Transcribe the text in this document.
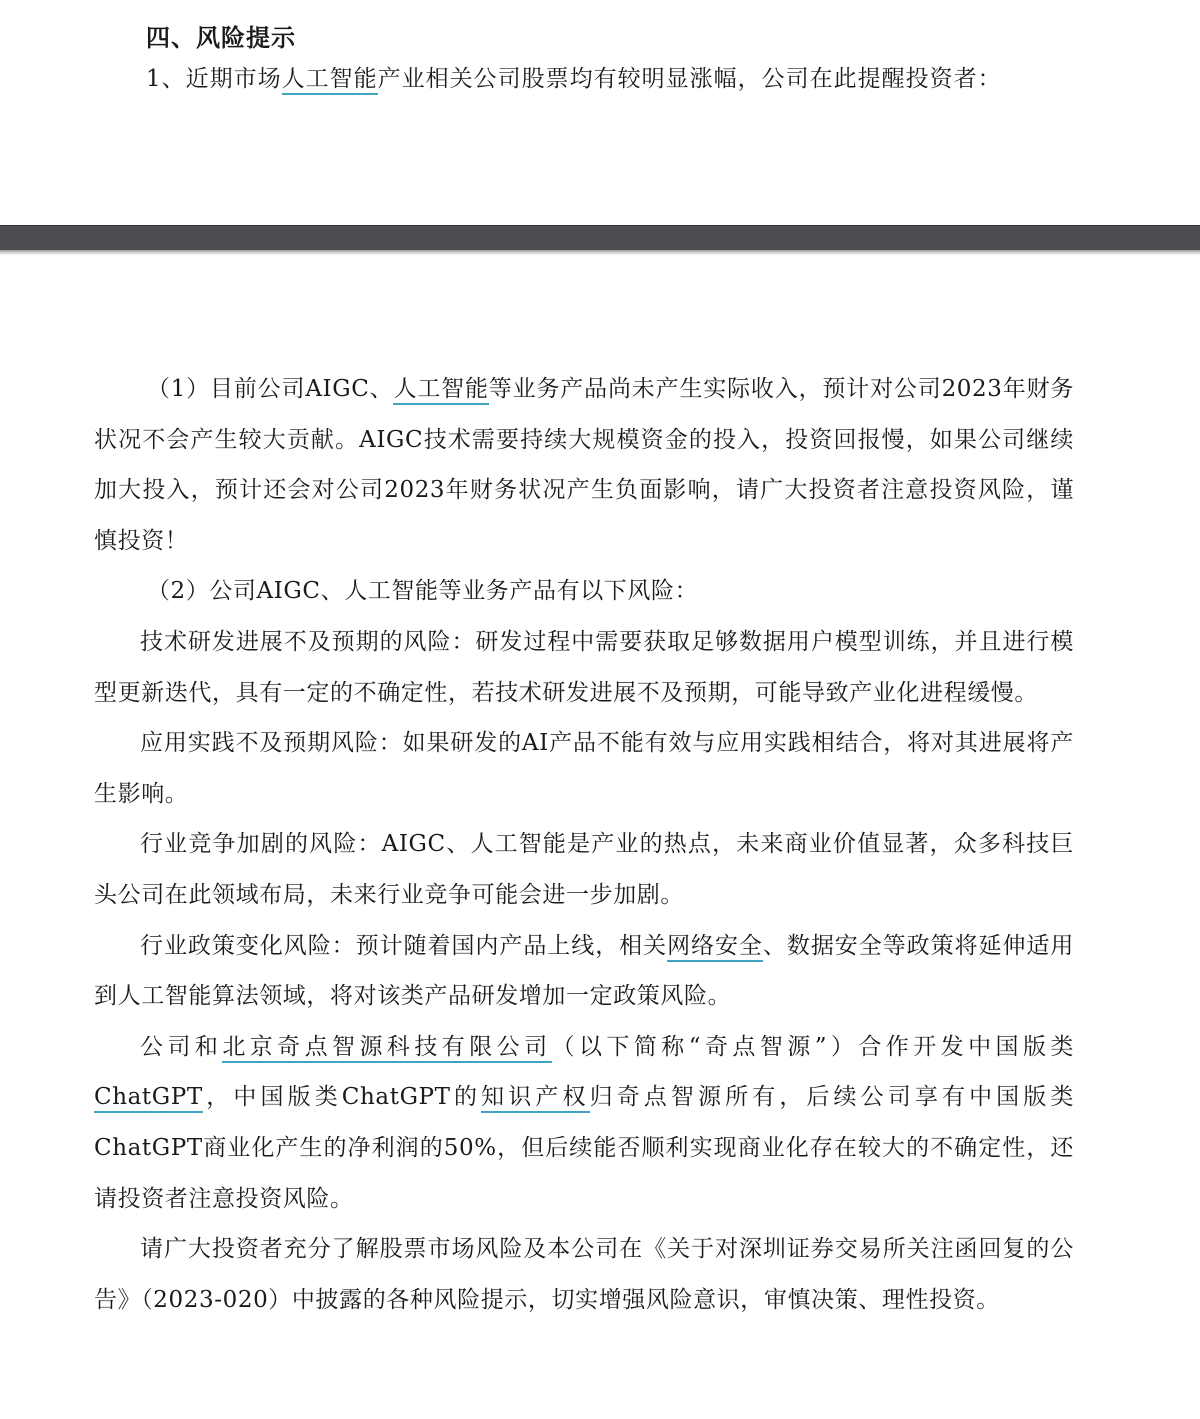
四、风险提示
1、近期市场人工智能产业相关公司股票均有较明显涨幅，公司在此提醒投资者：

（1）目前公司AIGC、人工智能等业务产品尚未产生实际收入，预计对公司2023年财务状况不会产生较大贡献。AIGC技术需要持续大规模资金的投入，投资回报慢，如果公司继续加大投入，预计还会对公司2023年财务状况产生负面影响，请广大投资者注意投资风险，谨慎投资！

（2）公司AIGC、人工智能等业务产品有以下风险：

技术研发进展不及预期的风险：研发过程中需要获取足够数据用户模型训练，并且进行模型更新迭代，具有一定的不确定性，若技术研发进展不及预期，可能导致产业化进程缓慢。

应用实践不及预期风险：如果研发的AI产品不能有效与应用实践相结合，将对其进展将产生影响。

行业竞争加剧的风险：AIGC、人工智能是产业的热点，未来商业价值显著，众多科技巨头公司在此领域布局，未来行业竞争可能会进一步加剧。

行业政策变化风险：预计随着国内产品上线，相关网络安全、数据安全等政策将延伸适用到人工智能算法领域，将对该类产品研发增加一定政策风险。

公司和北京奇点智源科技有限公司（以下简称“奇点智源”）合作开发中国版类ChatGPT，中国版类ChatGPT的知识产权归奇点智源所有，后续公司享有中国版类ChatGPT商业化产生的净利润的50%，但后续能否顺利实现商业化存在较大的不确定性，还请投资者注意投资风险。

请广大投资者充分了解股票市场风险及本公司在《关于对深圳证券交易所关注函回复的公告》（2023-020）中披露的各种风险提示，切实增强风险意识，审慎决策、理性投资。
